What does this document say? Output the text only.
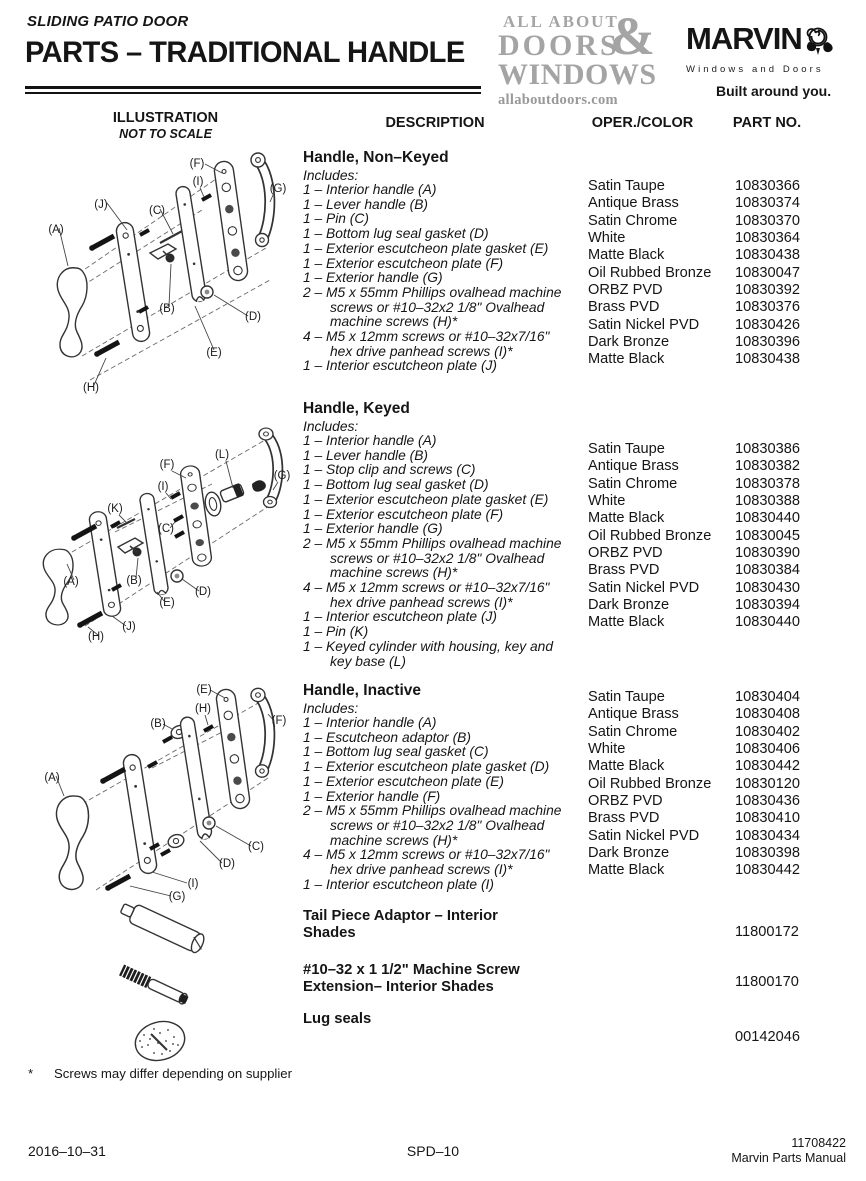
SLIDING PATIO DOOR
PARTS – TRADITIONAL HANDLE
ALL ABOUT
DOORS
&
WINDOWS
allaboutdoors.com
MARVIN
Windows and Doors
Built around you.
ILLUSTRATION
NOT TO SCALE
DESCRIPTION	OPER./COLOR	PART NO.
(F)
(I)
(G)
(J)	(C)
(A)
(B)
(D)
(E)
(H)
Handle, Non–Keyed
Includes:
1 – Interior handle (A)
1 – Lever handle (B)
1 – Pin (C)
1 – Bottom lug seal gasket (D)
1 – Exterior escutcheon plate gasket (E)
1 – Exterior escutcheon plate (F)
1 – Exterior handle (G)
2 – M5 x 55mm Phillips ovalhead machine screws or #10–32x2 1/8" Ovalhead machine screws (H)*
4 – M5 x 12mm screws or #10–32x7/16" hex drive panhead screws (I)*
1 – Interior escutcheon plate (J)
Satin Taupe	10830366
Antique Brass	10830374
Satin Chrome	10830370
White	10830364
Matte Black	10830438
Oil Rubbed Bronze	10830047
ORBZ PVD	10830392
Brass PVD	10830376
Satin Nickel PVD	10830426
Dark Bronze	10830396
Matte Black	10830438
(L)
(F)
(G)
(I)
(K)
(C)
(A)	(B)
(D)
(E)
(J)
(H)
Handle, Keyed
Includes:
1 – Interior handle (A)
1 – Lever handle (B)
1 – Stop clip and screws (C)
1 – Bottom lug seal gasket (D)
1 – Exterior escutcheon plate gasket (E)
1 – Exterior escutcheon plate (F)
1 – Exterior handle (G)
2 – M5 x 55mm Phillips ovalhead machine screws or #10–32x2 1/8" Ovalhead machine screws (H)*
4 – M5 x 12mm screws or #10–32x7/16" hex drive panhead screws (I)*
1 – Interior escutcheon plate (J)
1 – Pin (K)
1 – Keyed cylinder with housing, key and key base (L)
Satin Taupe	10830386
Antique Brass	10830382
Satin Chrome	10830378
White	10830388
Matte Black	10830440
Oil Rubbed Bronze	10830045
ORBZ PVD	10830390
Brass PVD	10830384
Satin Nickel PVD	10830430
Dark Bronze	10830394
Matte Black	10830440
(E)
(H)
(B)	(F)
(A)
(C)
(D)
(I)
(G)
Handle, Inactive
Includes:
1 – Interior handle (A)
1 – Escutcheon adaptor (B)
1 – Bottom lug seal gasket (C)
1 – Exterior escutcheon plate gasket (D)
1 – Exterior escutcheon plate (E)
1 – Exterior handle (F)
2 – M5 x 55mm Phillips ovalhead machine screws or #10–32x2 1/8" Ovalhead machine screws (H)*
4 – M5 x 12mm screws or #10–32x7/16" hex drive panhead screws (I)*
1 – Interior escutcheon plate (I)
Satin Taupe	10830404
Antique Brass	10830408
Satin Chrome	10830402
White	10830406
Matte Black	10830442
Oil Rubbed Bronze	10830120
ORBZ PVD	10830436
Brass PVD	10830410
Satin Nickel PVD	10830434
Dark Bronze	10830398
Matte Black	10830442
Tail Piece Adaptor – Interior Shades	11800172
#10–32 x 1 1/2" Machine Screw
Extension– Interior Shades	11800170
Lug seals
00142046
*	Screws may differ depending on supplier
2016–10–31	SPD–10	11708422
Marvin Parts Manual
